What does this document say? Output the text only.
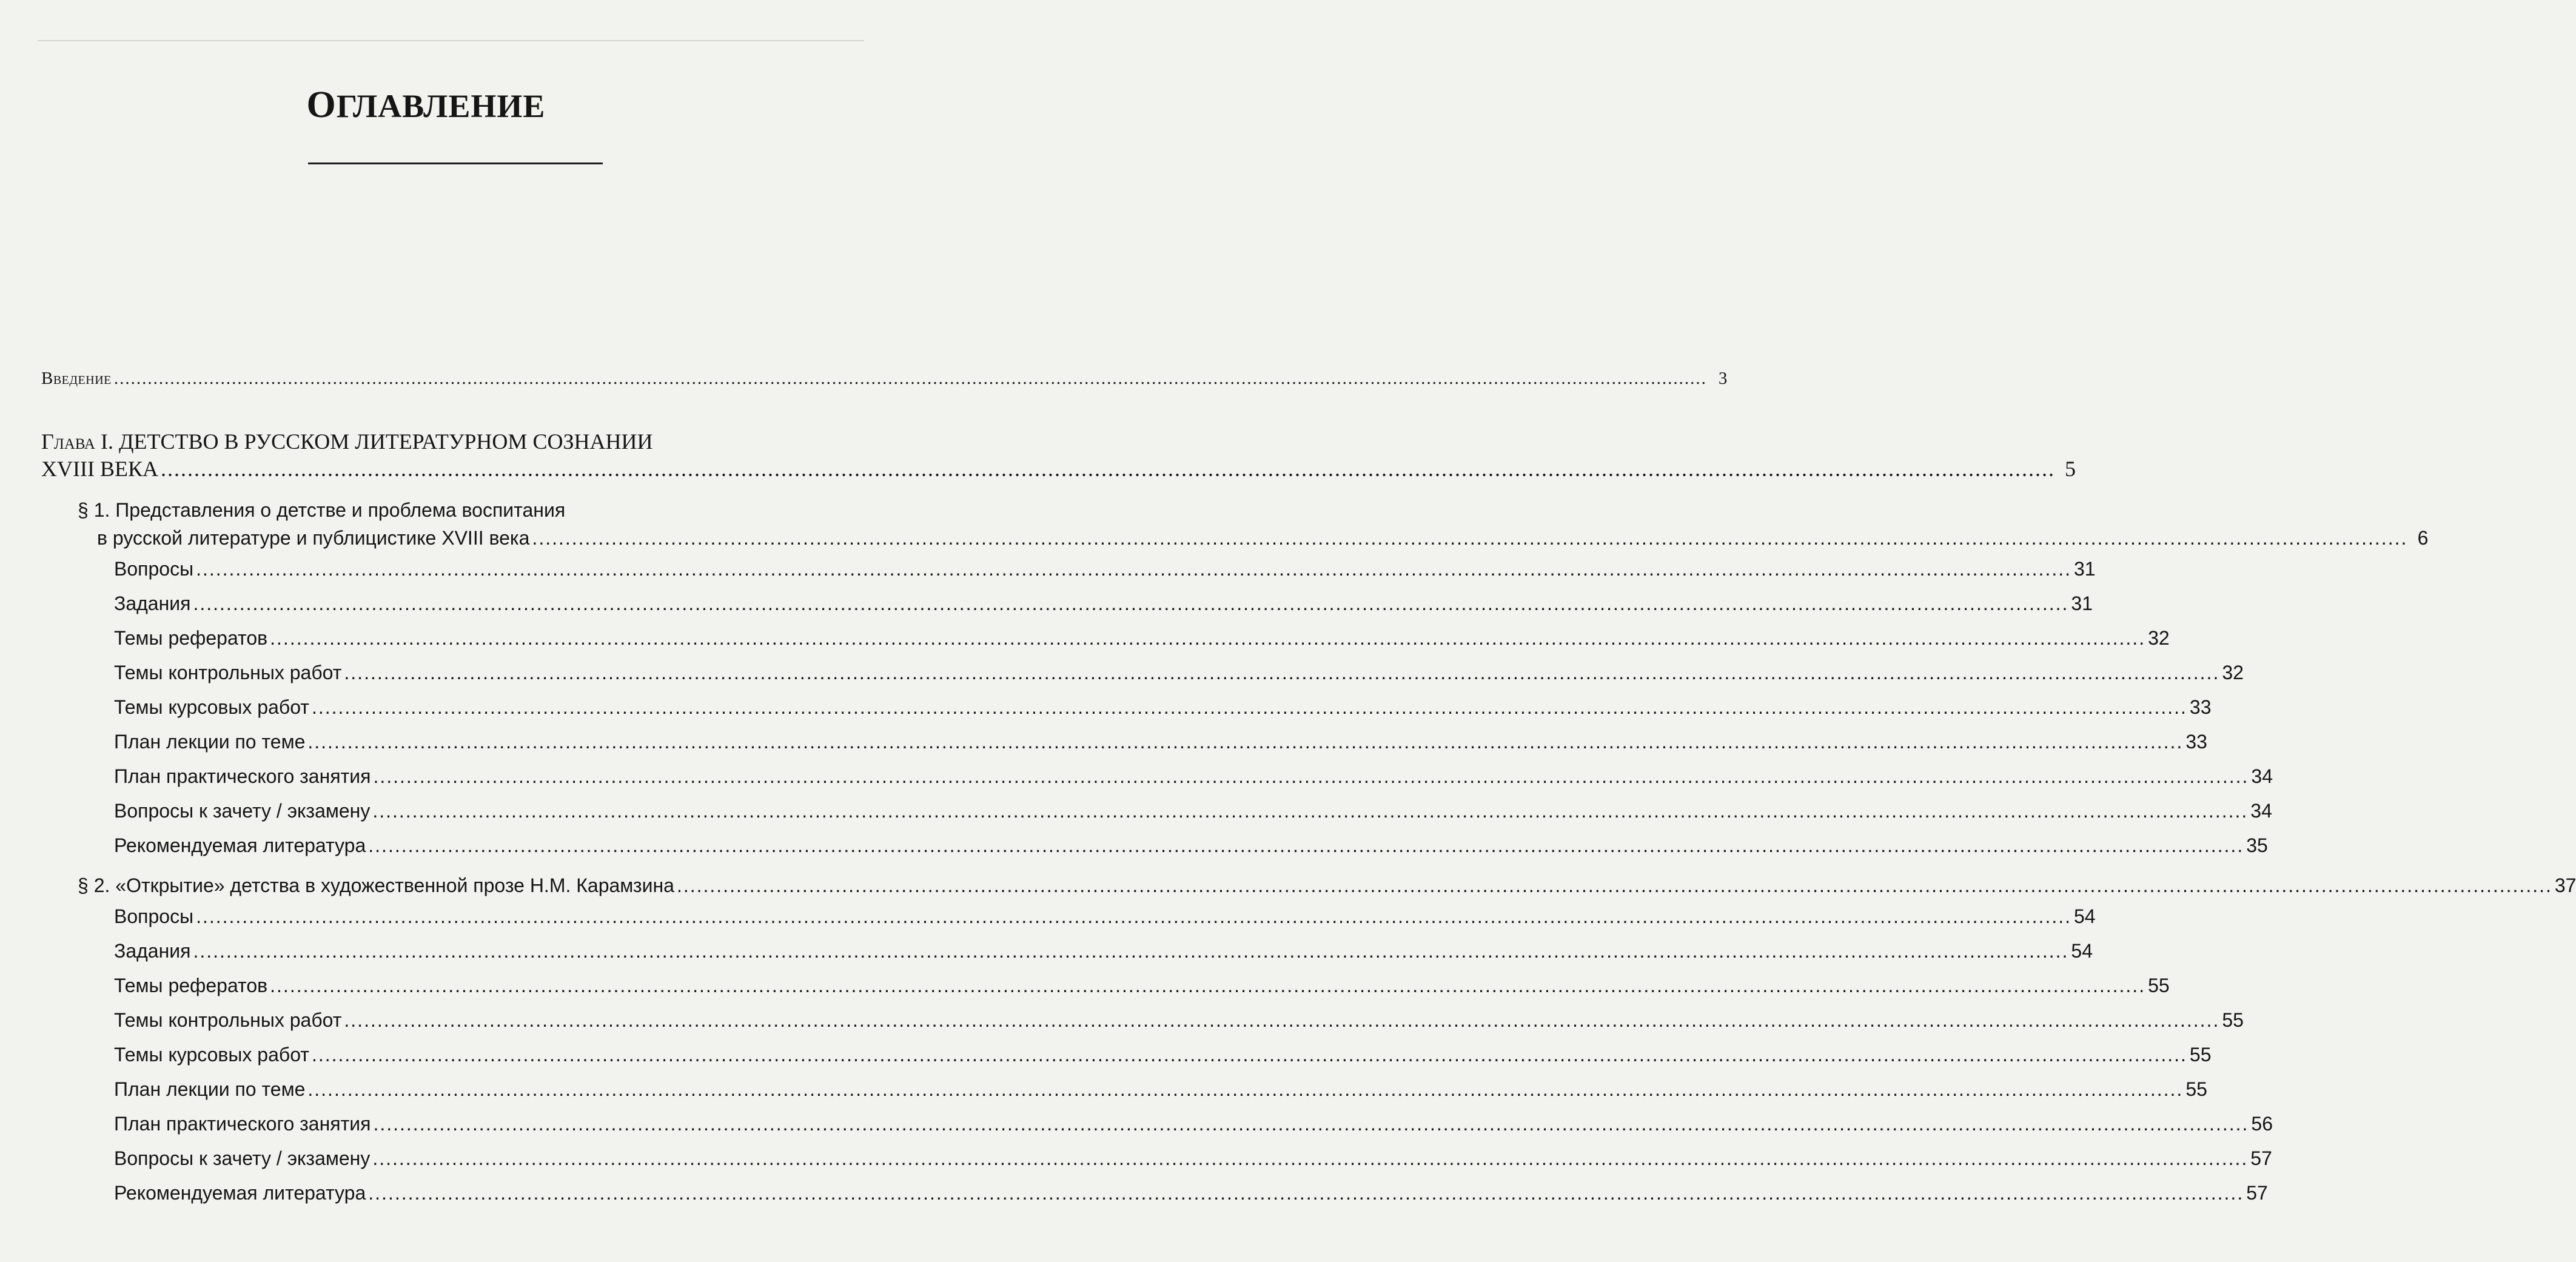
ОГЛАВЛЕНИЕ
Введение .....	3
Глава I. ДЕТСТВО В РУССКОМ ЛИТЕРАТУРНОМ СОЗНАНИИ
XVIII ВЕКА .....	5
§ 1. Представления о детстве и проблема воспитания
в русской литературе и публицистике XVIII века .....	6
Вопросы .....	31
Задания .....	31
Темы рефератов .....	32
Темы контрольных работ .....	32
Темы курсовых работ .....	33
План лекции по теме .....	33
План практического занятия .....	34
Вопросы к зачету / экзамену .....	34
Рекомендуемая литература .....	35
§ 2. «Открытие» детства в художественной прозе Н.М. Карамзина .....	37
Вопросы .....	54
Задания .....	54
Темы рефератов .....	55
Темы контрольных работ .....	55
Темы курсовых работ .....	55
План лекции по теме .....	55
План практического занятия .....	56
Вопросы к зачету / экзамену .....	57
Рекомендуемая литература .....	57
